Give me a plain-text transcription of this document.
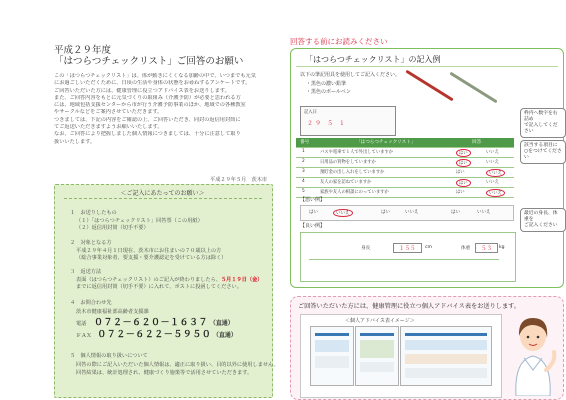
平成２９年度
「はつらつチェックリスト」ご回答のお願い
この「はつらつチェックリスト」は、体が動きにくくなる加齢の中で、いつまでも元気
にお過ごしいただくために、日頃の生活や身体の状態をお尋ねするアンケートです。
ご回答いただいた方には、健康管理に役立つアドバイス表をお送りします。
また、ご回答内容をもとに元気づくりの取組み（介護予防）が必要と思われる方
には、地域包括支援センターから市が行う介護予防事業のほか、地域での各種教室
やサークルなどをご案内させていただきます。
つきましては、下記の内容をご確認の上、ご回答いただき、同封の返信用封筒に
てご返送いただきますようお願いいたします。
なお、ご回答により把握しました個人情報につきましては、十分に注意して取り
扱いいたします。
平成２９年５月　茨木市
＜ご記入にあたってのお願い＞
１　お送りしたもの
（１）「はつらつチェックリスト」回答票（この用紙）
（２）返信用封筒（切手不要）
２　対象となる方
平成２９年４月１日現在、茨木市にお住まいの７０歳以上の方
（総合事業対象者、要支援・要介護認定を受けている方は除く）
３　返送方法
表面（はつらつチェックリスト）のご記入が終わりましたら、５月１９日（金）
までに返信用封筒（切手不要）に入れて、ポストに投函してください。
４　お問合わせ先
茨木市健康福祉部高齢者支援課
電話 ０７２－６２０－１６３７ （直通）
ＦＡＸ ０７２－６２２－５９５０ （直通）
５　個人情報の取り扱いについて
回答の際にご記入いただいた個人情報は、適正に取り扱い、目的以外に使用しません。
回答結果は、統計処理され、健康づくり施策等で活用させていただきます。
回答する前にお読みください
「はつらつチェックリスト」の記入例
以下の筆記用具を使用してご記入ください。
・黒色の濃い鉛筆
・黒色のボールペン
記入日
２９ ５ １
枠内へ数字を右詰め
で記入してください
該当する項目に
○をつけてください
最近の身長、体重を
ご記入ください
番号	「はつらつチェックリスト」	回答
1	バスや電車で１人で外出していますか	はい	いいえ
2	日用品の買物をしていますか	はい	いいえ
3	預貯金の出し入れをしていますか	はい	いいえ
4	友人の家を訪ねていますか	はい	いいえ
5	家族や友人の相談にのっていますか	はい	いいえ
【悪い例】
はい	いいえ	はい	いいえ	はい	いいえ
【良い例】
身長	１５５	cm	体重	５３	kg
ご回答いただいた方には、健康管理に役立つ個人アドバイス表をお送りします。
＜個人アドバイス表イメージ＞
